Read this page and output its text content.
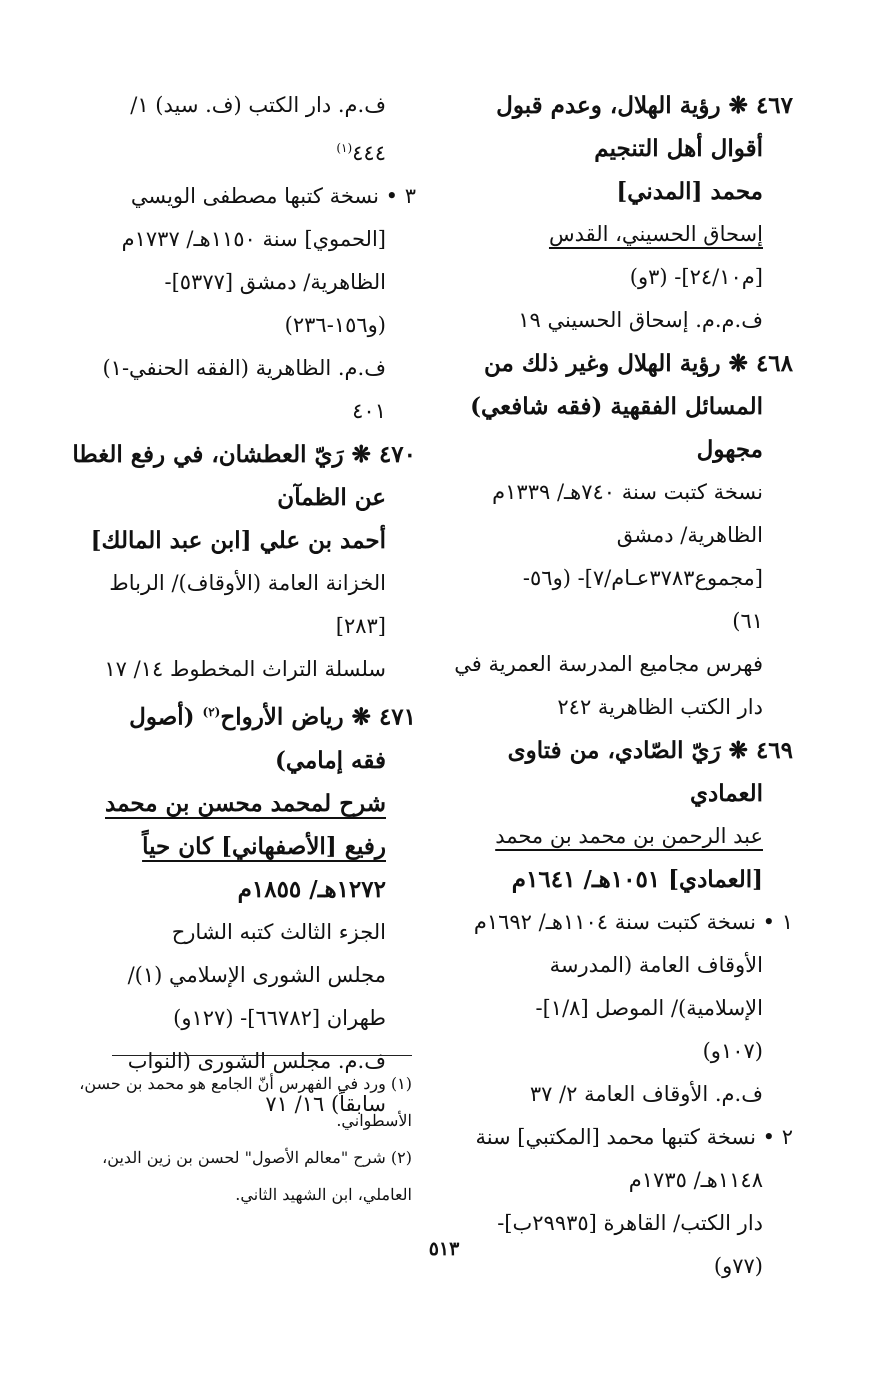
٤٦٧ ❋ رؤية الهلال، وعدم قبول
أقوال أهل التنجيم
محمد [المدني]
إسحاق الحسيني، القدس
[م٢٤/١٠]- (٣و)
ف.م.م. إسحاق الحسيني ١٩
٤٦٨ ❋ رؤية الهلال وغير ذلك من
المسائل الفقهية (فقه شافعي)
مجهول
نسخة كتبت سنة ٧٤٠هـ/ ١٣٣٩م
الظاهرية/ دمشق
[مجموع٣٧٨٣عـام/٧]- (و٥٦-
٦١)
فهرس مجاميع المدرسة العمرية في
دار الكتب الظاهرية ٢٤٢
٤٦٩ ❋ رَيّ الصّادي، من فتاوى
العمادي
عبد الرحمن بن محمد بن محمد
[العمادي] ١٠٥١هـ/ ١٦٤١م
١ • نسخة كتبت سنة ١١٠٤هـ/ ١٦٩٢م
الأوقاف العامة (المدرسة
الإسلامية)/ الموصل [١/٨]-
(١٠٧و)
ف.م. الأوقاف العامة ٢/ ٣٧
٢ • نسخة كتبها محمد [المكتبي] سنة
١١٤٨هـ/ ١٧٣٥م
دار الكتب/ القاهرة [٢٩٩٣٥ب]-
(٧٧و)
ف.م. دار الكتب (ف. سيد) ١/
٤٤٤$^{(١)}$
٣ • نسخة كتبها مصطفى الويسي
[الحموي] سنة ١١٥٠هـ/ ١٧٣٧م
الظاهرية/ دمشق [٥٣٧٧]-
(و١٥٦-٢٣٦)
ف.م. الظاهرية (الفقه الحنفي-١)
٤٠١
٤٧٠ ❋ رَيّ العطشان، في رفع الغطا
عن الظمآن
أحمد بن علي [ابن عبد المالك]
الخزانة العامة (الأوقاف)/ الرباط
[٢٨٣]
سلسلة التراث المخطوط ١٤/ ١٧
٤٧١ ❋ رياض الأرواح$^{(٢)}$ (أصول
فقه إمامي)
شرح لمحمد محسن بن محمد
رفيع [الأصفهاني] كان حياً
١٢٧٢هـ/ ١٨٥٥م
الجزء الثالث كتبه الشارح
مجلس الشورى الإسلامي (١)/
طهران [٦٦٧٨٢]- (١٢٧و)
ف.م. مجلس الشورى (النواب
سابقاً) ١٦/ ٧١
(١) ورد في الفهرس أنّ الجامع هو محمد بن حسن،
الأسطواني.
(٢) شرح "معالم الأصول" لحسن بن زين الدين،
العاملي، ابن الشهيد الثاني.
٥١٣
